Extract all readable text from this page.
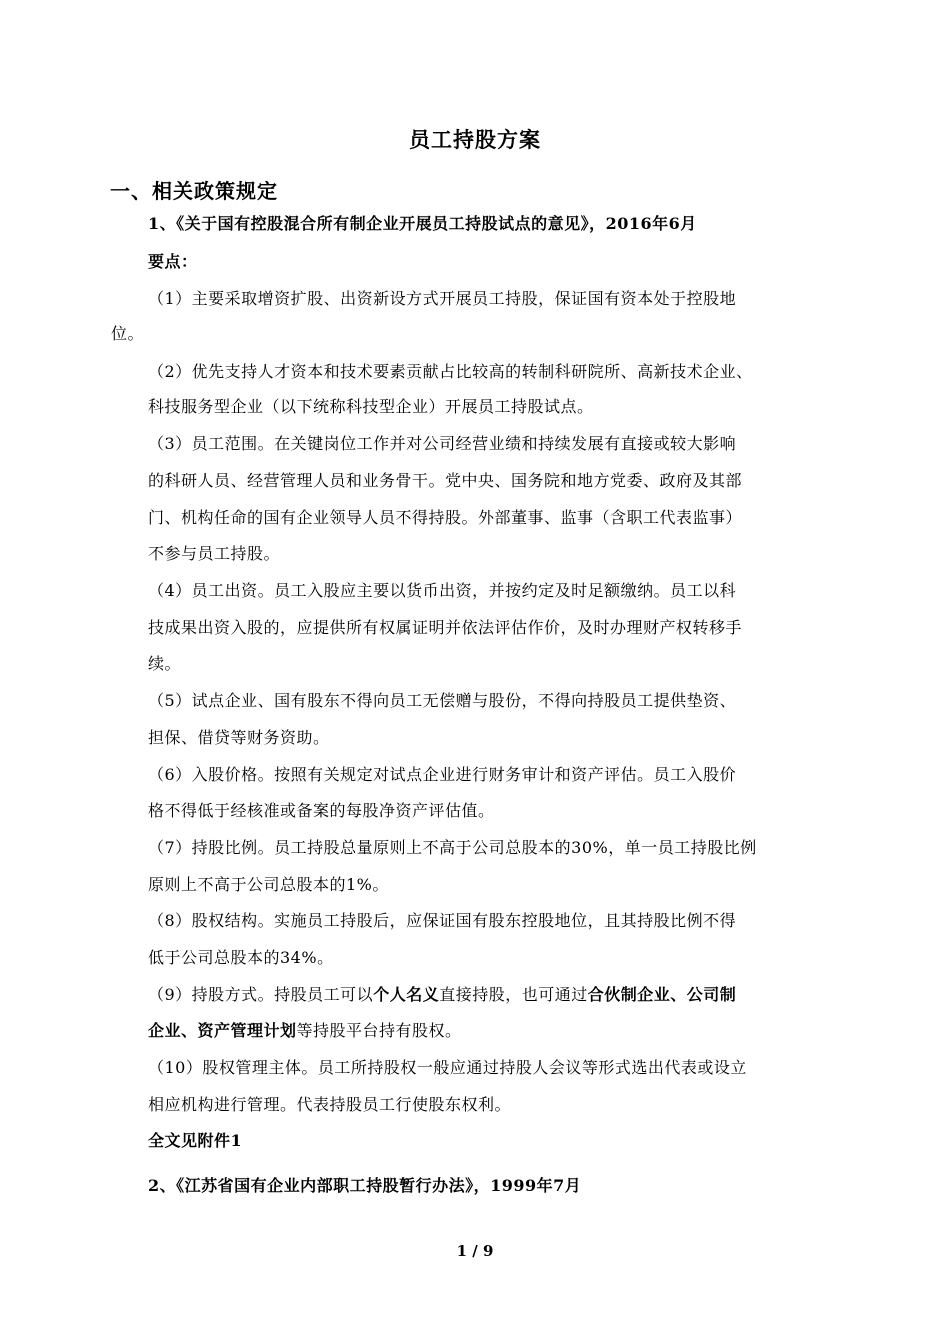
员工持股方案
一、相关政策规定
1、《关于国有控股混合所有制企业开展员工持股试点的意见》，2016年6月
要点：
（1）主要采取增资扩股、出资新设方式开展员工持股，保证国有资本处于控股地
位。
（2）优先支持人才资本和技术要素贡献占比较高的转制科研院所、高新技术企业、
科技服务型企业（以下统称科技型企业）开展员工持股试点。
（3）员工范围。在关键岗位工作并对公司经营业绩和持续发展有直接或较大影响
的科研人员、经营管理人员和业务骨干。党中央、国务院和地方党委、政府及其部
门、机构任命的国有企业领导人员不得持股。外部董事、监事（含职工代表监事）
不参与员工持股。
（4）员工出资。员工入股应主要以货币出资，并按约定及时足额缴纳。员工以科
技成果出资入股的，应提供所有权属证明并依法评估作价，及时办理财产权转移手
续。
（5）试点企业、国有股东不得向员工无偿赠与股份，不得向持股员工提供垫资、
担保、借贷等财务资助。
（6）入股价格。按照有关规定对试点企业进行财务审计和资产评估。员工入股价
格不得低于经核准或备案的每股净资产评估值。
（7）持股比例。员工持股总量原则上不高于公司总股本的30%，单一员工持股比例
原则上不高于公司总股本的1%。
（8）股权结构。实施员工持股后，应保证国有股东控股地位，且其持股比例不得
低于公司总股本的34%。
（9）持股方式。持股员工可以个人名义直接持股，也可通过合伙制企业、公司制
企业、资产管理计划等持股平台持有股权。
（10）股权管理主体。员工所持股权一般应通过持股人会议等形式选出代表或设立
相应机构进行管理。代表持股员工行使股东权利。
全文见附件1
2、《江苏省国有企业内部职工持股暂行办法》，1999年7月
1 / 9
